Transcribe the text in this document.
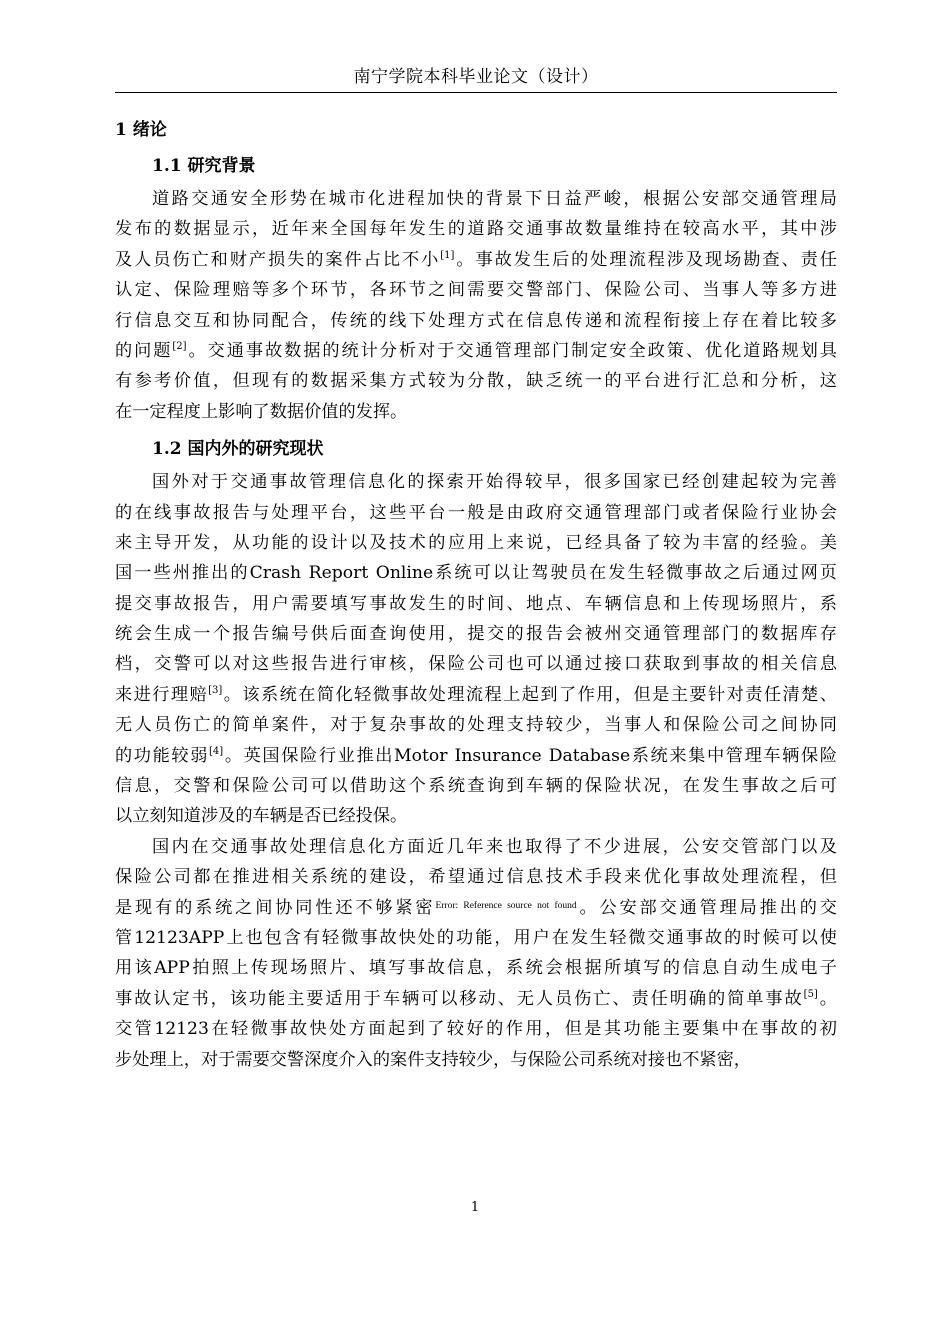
南宁学院本科毕业论文（设计）
1 绪论
1.1 研究背景
道路交通安全形势在城市化进程加快的背景下日益严峻，根据公安部交通管理局
发布的数据显示，近年来全国每年发生的道路交通事故数量维持在较高水平，其中涉
及人员伤亡和财产损失的案件占比不小[1]。事故发生后的处理流程涉及现场勘查、责任
认定、保险理赔等多个环节，各环节之间需要交警部门、保险公司、当事人等多方进
行信息交互和协同配合，传统的线下处理方式在信息传递和流程衔接上存在着比较多
的问题[2]。交通事故数据的统计分析对于交通管理部门制定安全政策、优化道路规划具
有参考价值，但现有的数据采集方式较为分散，缺乏统一的平台进行汇总和分析，这
在一定程度上影响了数据价值的发挥。
1.2 国内外的研究现状
国外对于交通事故管理信息化的探索开始得较早，很多国家已经创建起较为完善
的在线事故报告与处理平台，这些平台一般是由政府交通管理部门或者保险行业协会
来主导开发，从功能的设计以及技术的应用上来说，已经具备了较为丰富的经验。美
国一些州推出的Crash Report Online系统可以让驾驶员在发生轻微事故之后通过网页
提交事故报告，用户需要填写事故发生的时间、地点、车辆信息和上传现场照片，系
统会生成一个报告编号供后面查询使用，提交的报告会被州交通管理部门的数据库存
档，交警可以对这些报告进行审核，保险公司也可以通过接口获取到事故的相关信息
来进行理赔[3]。该系统在简化轻微事故处理流程上起到了作用，但是主要针对责任清楚、
无人员伤亡的简单案件，对于复杂事故的处理支持较少，当事人和保险公司之间协同
的功能较弱[4]。英国保险行业推出Motor Insurance Database系统来集中管理车辆保险
信息，交警和保险公司可以借助这个系统查询到车辆的保险状况，在发生事故之后可
以立刻知道涉及的车辆是否已经投保。
国内在交通事故处理信息化方面近几年来也取得了不少进展，公安交管部门以及
保险公司都在推进相关系统的建设，希望通过信息技术手段来优化事故处理流程，但
是现有的系统之间协同性还不够紧密$^{Error: Reference source not found}$。公安部交通管理局推出的交
管12123APP上也包含有轻微事故快处的功能，用户在发生轻微交通事故的时候可以使
用该APP拍照上传现场照片、填写事故信息，系统会根据所填写的信息自动生成电子
事故认定书，该功能主要适用于车辆可以移动、无人员伤亡、责任明确的简单事故[5]。
交管12123在轻微事故快处方面起到了较好的作用，但是其功能主要集中在事故的初
步处理上，对于需要交警深度介入的案件支持较少，与保险公司系统对接也不紧密，
1
